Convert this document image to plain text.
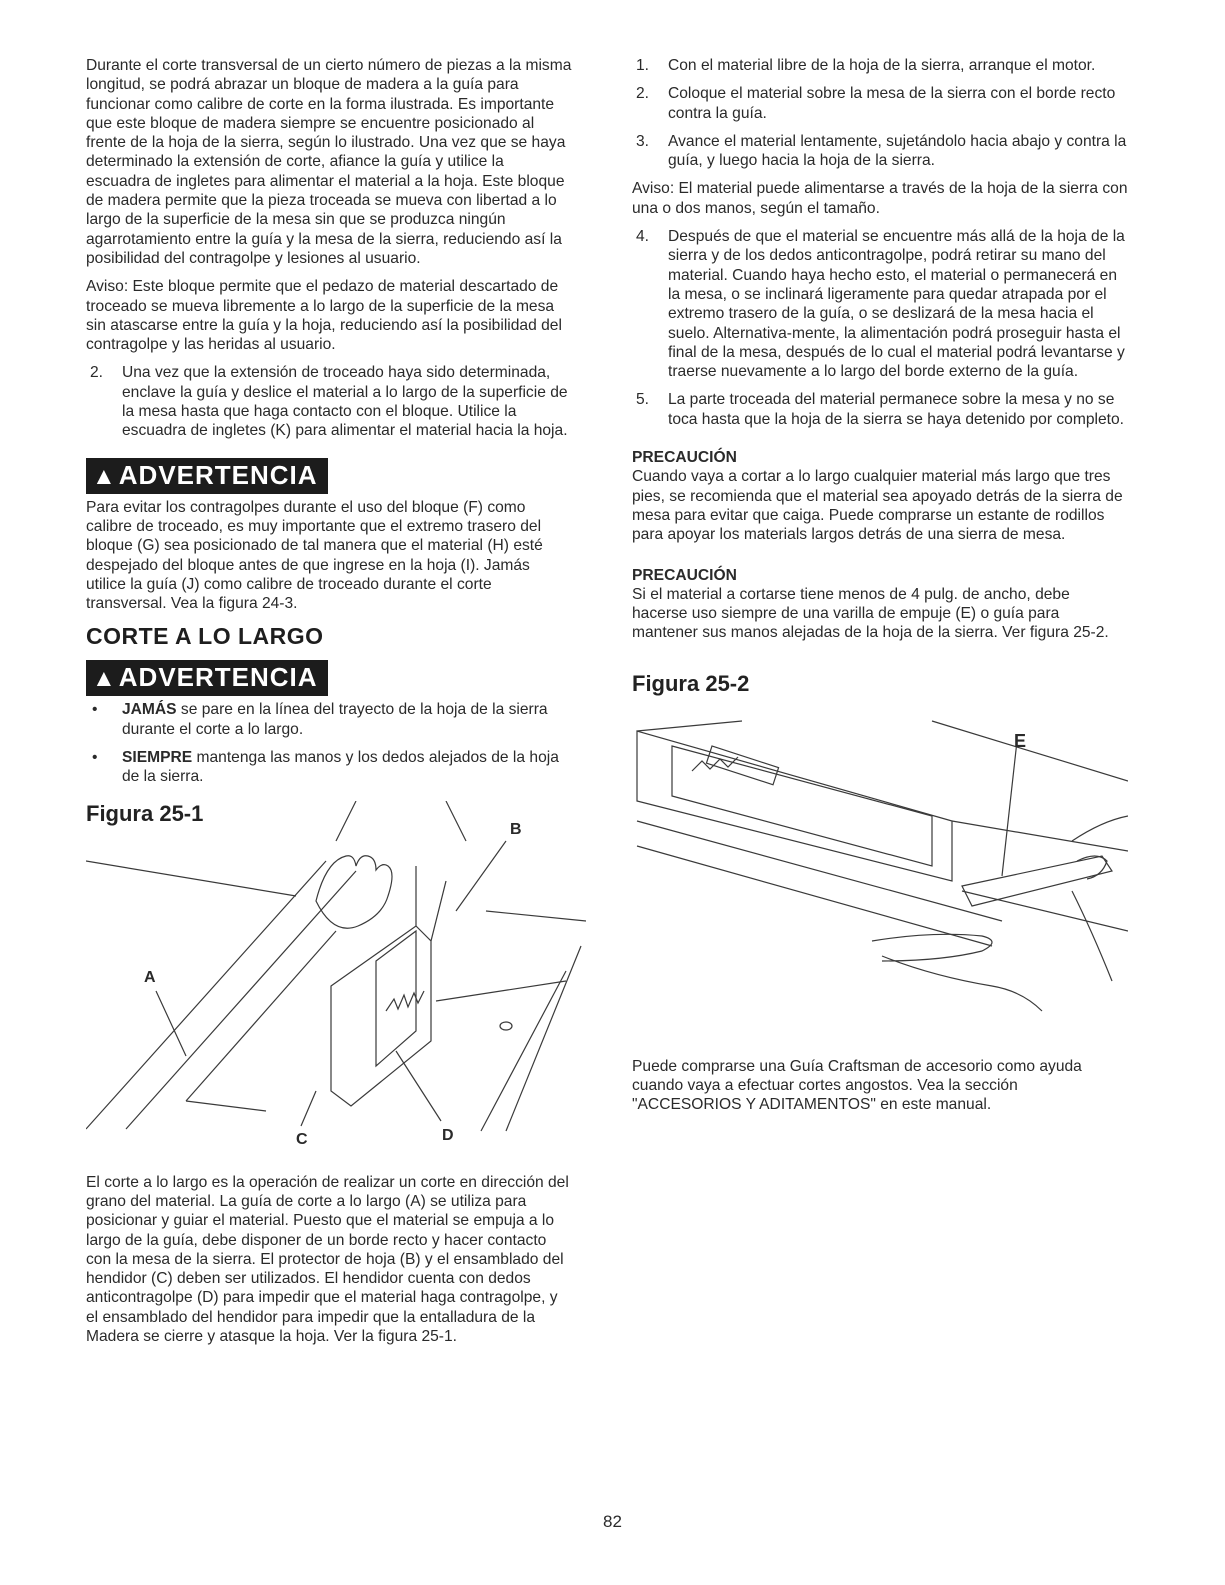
Durante el corte transversal de un cierto número de piezas a la misma longitud, se podrá abrazar un bloque de madera a la guía para funcionar como calibre de corte en la forma ilustrada. Es importante que este bloque de madera siempre se encuentre posicionado al frente de la hoja de la sierra, según lo ilustrado. Una vez que se haya determinado la extensión de corte, afiance la guía y utilice la escuadra de ingletes para alimentar el material a la hoja. Este bloque de madera permite que la pieza troceada se mueva con libertad a lo largo de la superficie de la mesa sin que se produzca ningún agarrotamiento entre la guía y la mesa de la sierra, reduciendo así la posibilidad del contragolpe y lesiones al usuario.

Aviso: Este bloque permite que el pedazo de material descartado de troceado se mueva libremente a lo largo de la superficie de la mesa sin atascarse entre la guía y la hoja, reduciendo así la posibilidad del contragolpe y las heridas al usuario.

2. Una vez que la extensión de troceado haya sido determinada, enclave la guía y deslice el material a lo largo de la superficie de la mesa hasta que haga contacto con el bloque. Utilice la escuadra de ingletes (K) para alimentar el material hacia la hoja.
▲ADVERTENCIA

Para evitar los contragolpes durante el uso del bloque (F) como calibre de troceado, es muy importante que el extremo trasero del bloque (G) sea posicionado de tal manera que el material (H) esté despejado del bloque antes de que ingrese en la hoja (I). Jamás utilice la guía (J) como calibre de troceado durante el corte transversal. Vea la figura 24-3.

CORTE A LO LARGO
▲ADVERTENCIA
• JAMÁS se pare en la línea del trayecto de la hoja de la sierra durante el corte a lo largo.
• SIEMPRE mantenga las manos y los dedos alejados de la hoja de la sierra.
Figura 25-1
A
B
C	D

El corte a lo largo es la operación de realizar un corte en dirección del grano del material. La guía de corte a lo largo (A) se utiliza para posicionar y guiar el material. Puesto que el material se empuja a lo largo de la guía, debe disponer de un borde recto y hacer contacto con la mesa de la sierra. El protector de hoja (B) y el ensamblado del hendidor (C) deben ser utilizados. El hendidor cuenta con dedos anticontragolpe (D) para impedir que el material haga contragolpe, y el ensamblado del hendidor para impedir que la entalladura de la Madera se cierre y atasque la hoja. Ver la figura 25-1.

1. Con el material libre de la hoja de la sierra, arranque el motor.
2. Coloque el material sobre la mesa de la sierra con el borde recto contra la guía.
3. Avance el material lentamente, sujetándolo hacia abajo y contra la guía, y luego hacia la hoja de la sierra.

Aviso: El material puede alimentarse a través de la hoja de la sierra con una o dos manos, según el tamaño.

4. Después de que el material se encuentre más allá de la hoja de la sierra y de los dedos anticontragolpe, podrá retirar su mano del material. Cuando haya hecho esto, el material o permanecerá en la mesa, o se inclinará ligeramente para quedar atrapada por el extremo trasero de la guía, o se deslizará de la mesa hacia el suelo. Alternativa-mente, la alimentación podrá proseguir hasta el final de la mesa, después de lo cual el material podrá levantarse y traerse nuevamente a lo largo del borde externo de la guía.
5. La parte troceada del material permanece sobre la mesa y no se toca hasta que la hoja de la sierra se haya detenido por completo.

PRECAUCIÓN

Cuando vaya a cortar a lo largo cualquier material más largo que tres pies, se recomienda que el material sea apoyado detrás de la sierra de mesa para evitar que caiga. Puede comprarse un estante de rodillos para apoyar los materials largos detrás de una sierra de mesa.

PRECAUCIÓN

Si el material a cortarse tiene menos de 4 pulg. de ancho, debe hacerse uso siempre de una varilla de empuje (E) o guía para mantener sus manos alejadas de la hoja de la sierra. Ver figura 25-2.

Figura 25-2
E

Puede comprarse una Guía Craftsman de accesorio como ayuda cuando vaya a efectuar cortes angostos. Vea la sección "ACCESORIOS Y ADITAMENTOS" en este manual.

82
